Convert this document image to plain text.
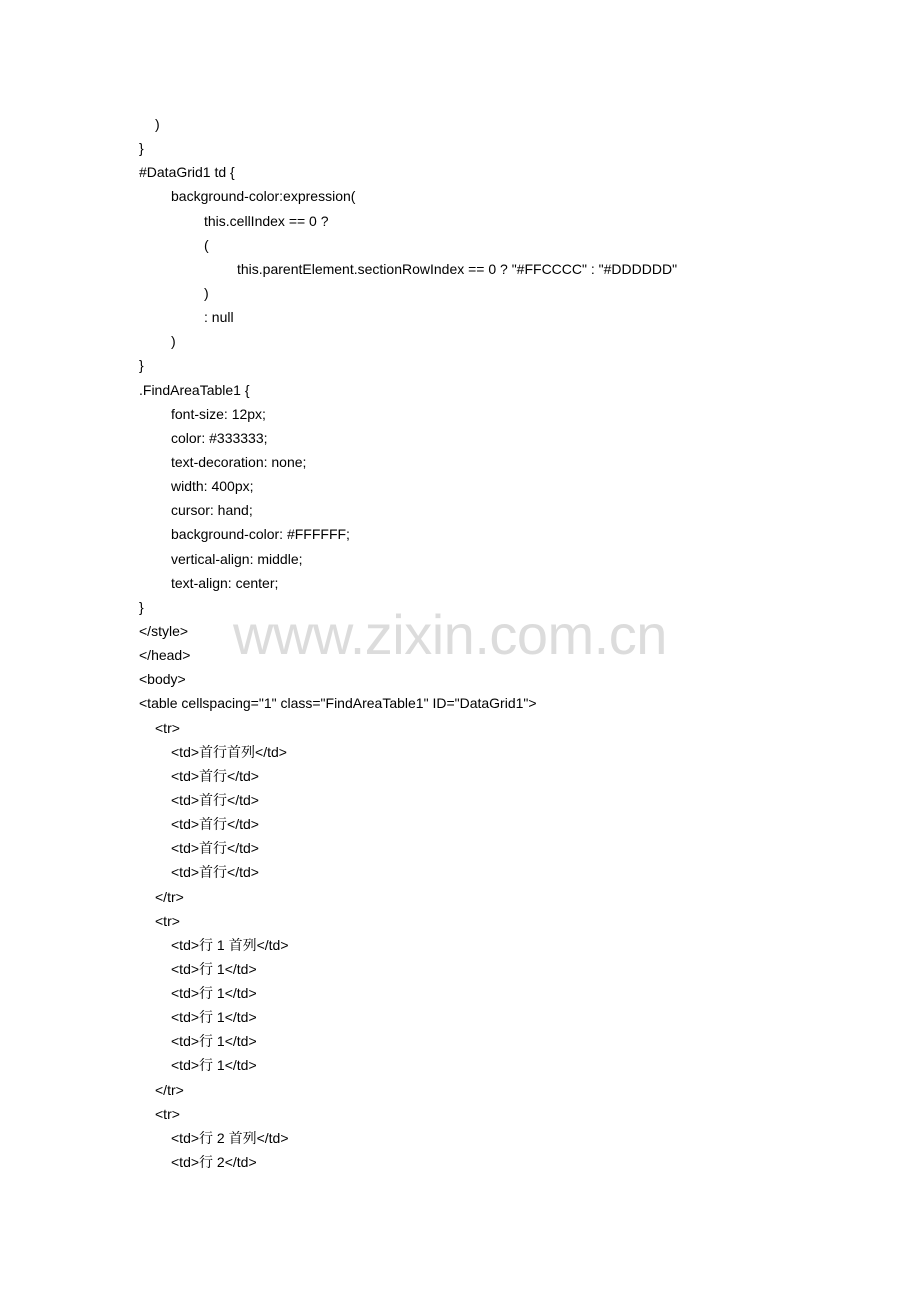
www.zixin.com.cn
)
}
#DataGrid1 td {
background-color:expression(
this.cellIndex == 0 ?
(
this.parentElement.sectionRowIndex == 0 ? "#FFCCCC" : "#DDDDDD"
)
: null
)
}
.FindAreaTable1 {
font-size: 12px;
color: #333333;
text-decoration: none;
width: 400px;
cursor: hand;
background-color: #FFFFFF;
vertical-align: middle;
text-align: center;
}
</style>
</head>
<body>
<table cellspacing="1" class="FindAreaTable1" ID="DataGrid1">
<tr>
<td>首行首列</td>
<td>首行</td>
<td>首行</td>
<td>首行</td>
<td>首行</td>
<td>首行</td>
</tr>
<tr>
<td>行 1 首列</td>
<td>行 1</td>
<td>行 1</td>
<td>行 1</td>
<td>行 1</td>
<td>行 1</td>
</tr>
<tr>
<td>行 2 首列</td>
<td>行 2</td>
